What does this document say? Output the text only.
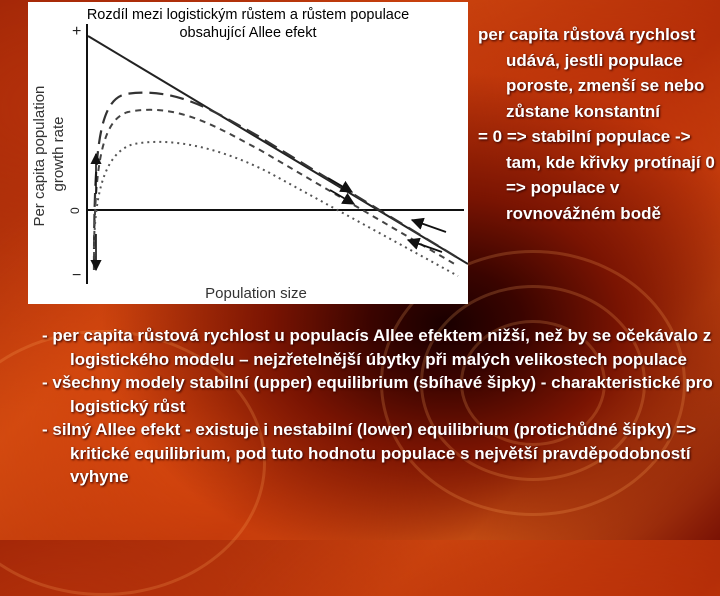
Rozdíl mezi logistickým růstem a růstem populace
obsahující Allee efekt
+
0
−
Per capita population growth rate
Population size

per capita růstová rychlost udává, jestli populace poroste, zmenší se nebo zůstane konstantní

= 0 => stabilní populace -> tam, kde křivky protínají 0 => populace v rovnovážném bodě

- per capita růstová rychlost u populacís Allee efektem nižší, než by se očekávalo z logistického modelu – nejzřetelnější úbytky při malých velikostech populace

- všechny modely stabilní (upper) equilibrium (sbíhavé šipky) - charakteristické pro logistický růst

- silný Allee efekt - existuje i nestabilní (lower) equilibrium (protichůdné šipky) => kritické equilibrium, pod tuto hodnotu populace s největší pravděpodobností vyhyne
